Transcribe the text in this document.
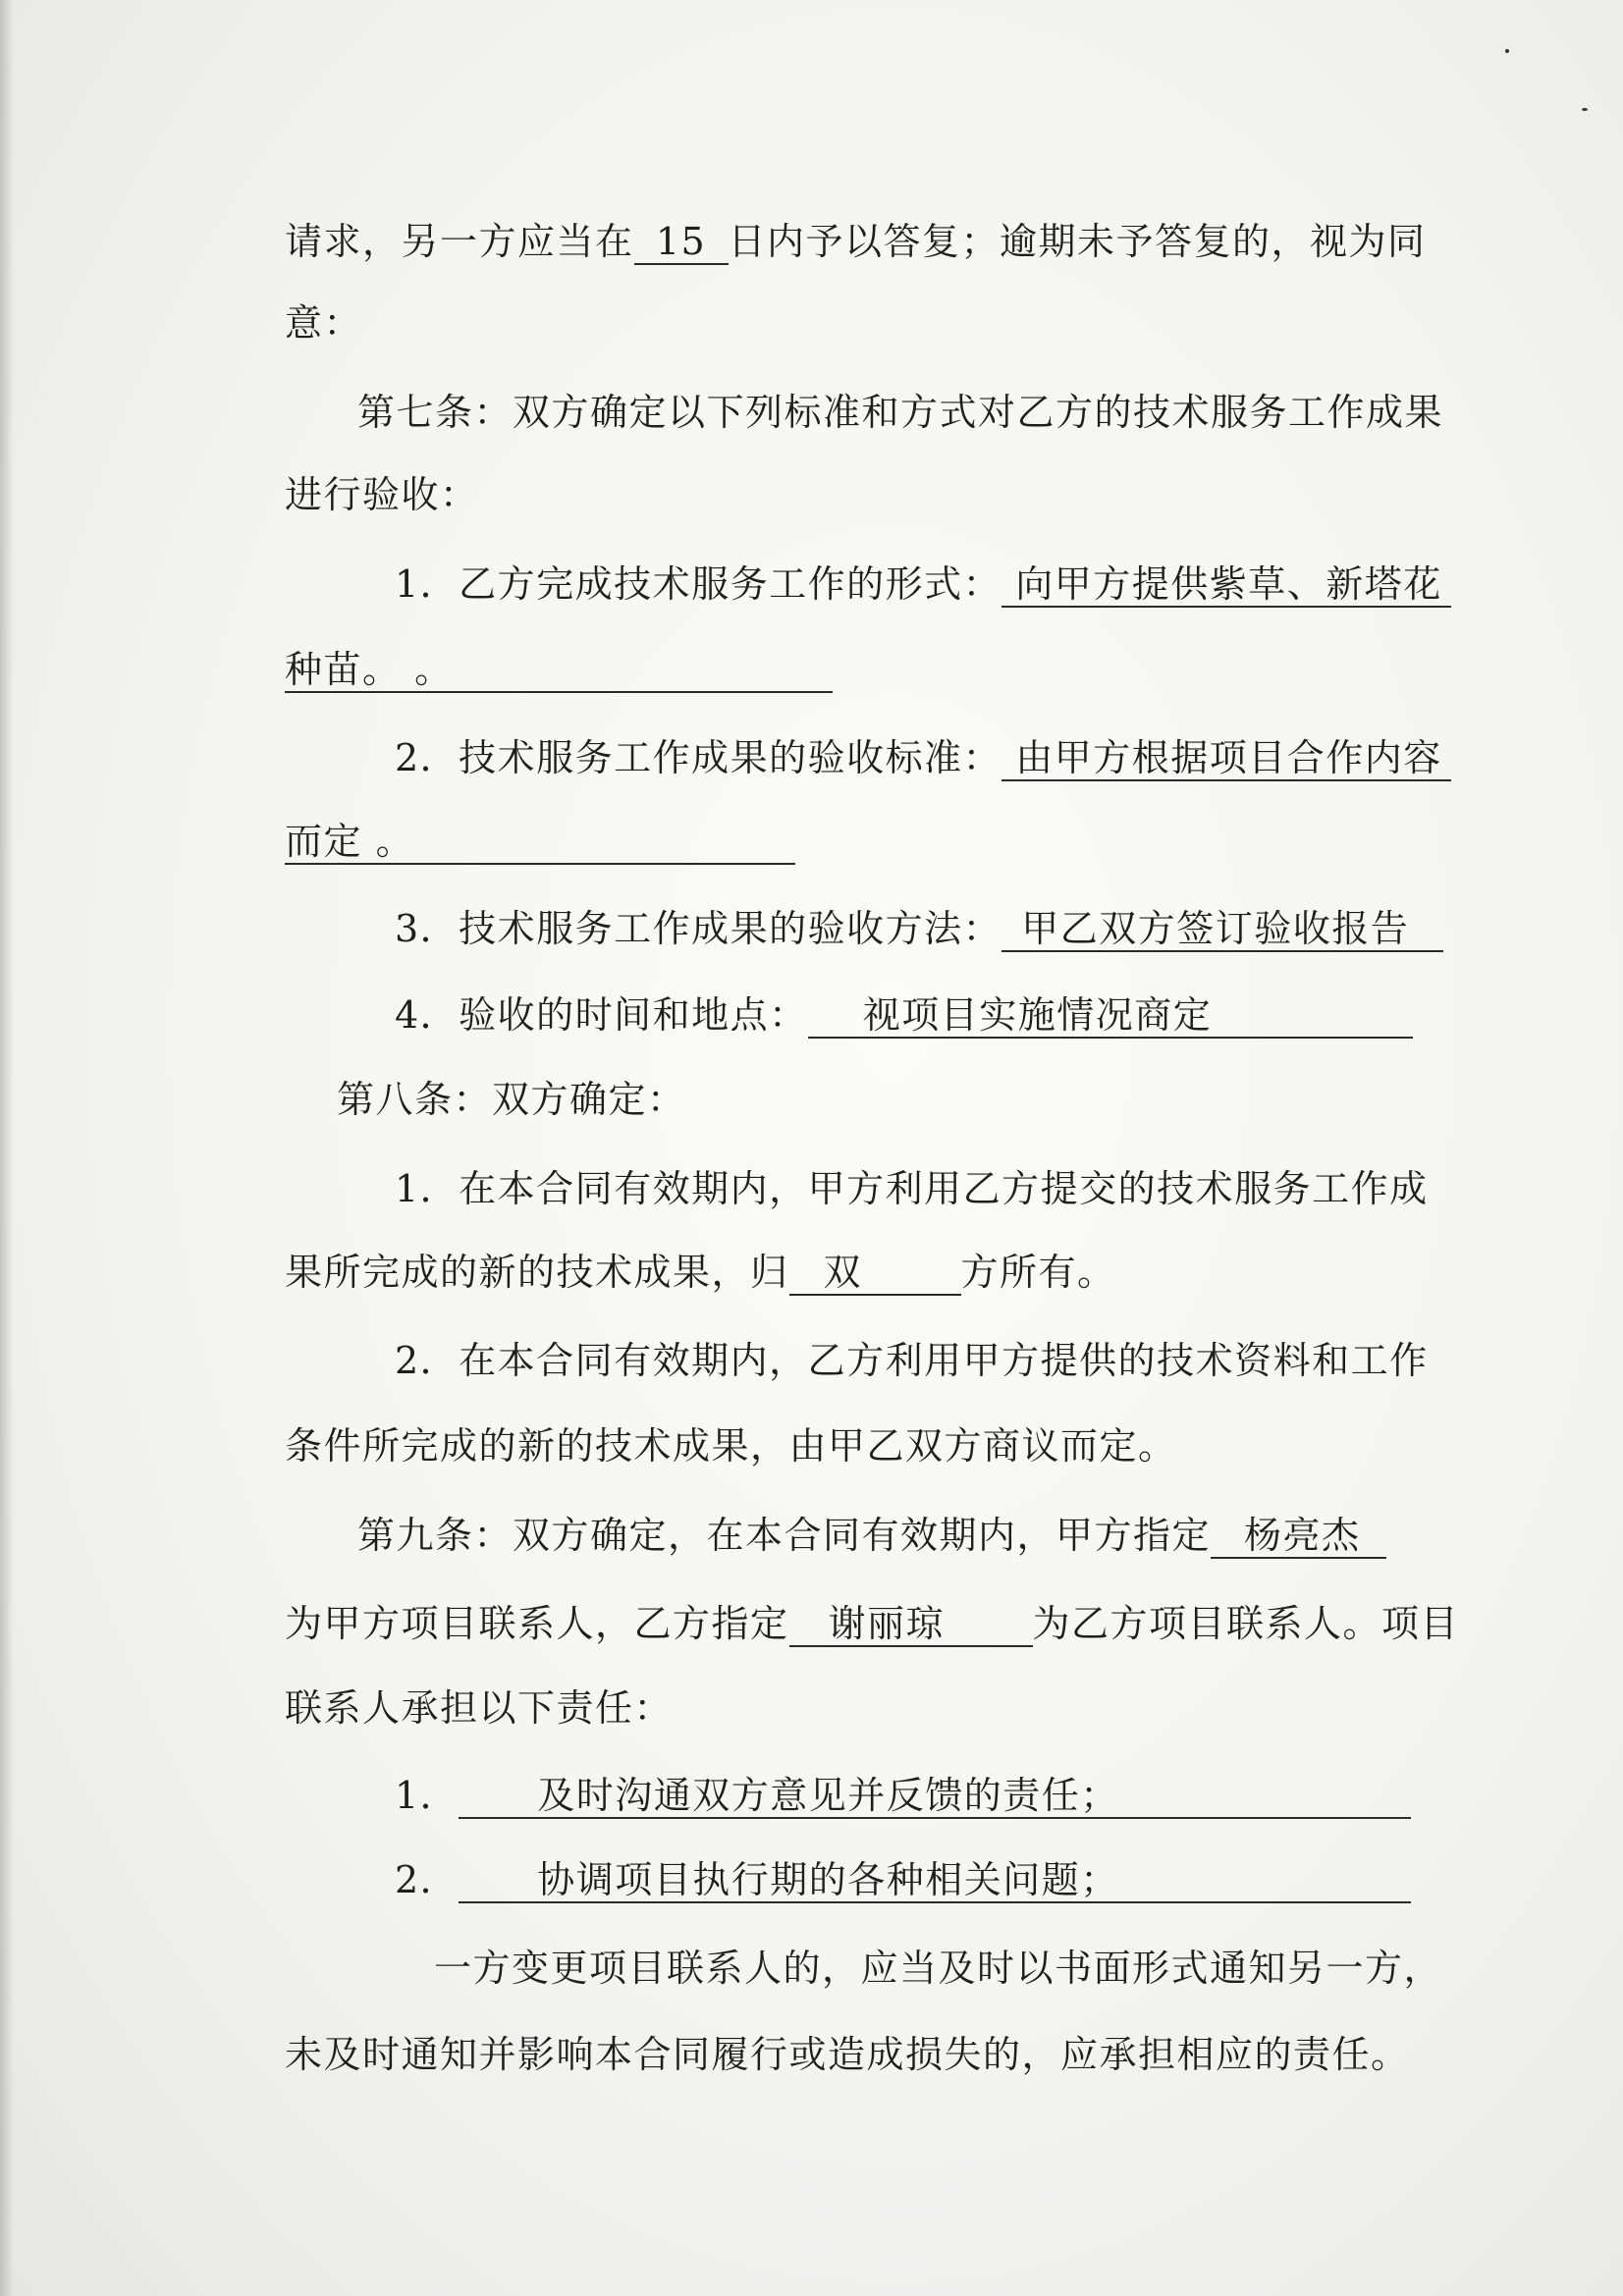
请求，另一方应当在 15 日内予以答复；逾期未予答复的，视为同
意：
第七条：双方确定以下列标准和方式对乙方的技术服务工作成果
进行验收：
1．乙方完成技术服务工作的形式： 向甲方提供紫草、新塔花
种苗。 。
2．技术服务工作成果的验收标准： 由甲方根据项目合作内容
而定 。
3．技术服务工作成果的验收方法： 甲乙双方签订验收报告
4．验收的时间和地点： 视项目实施情况商定
第八条：双方确定：
1．在本合同有效期内，甲方利用乙方提交的技术服务工作成
果所完成的新的技术成果，归 双	方所有。
2．在本合同有效期内，乙方利用甲方提供的技术资料和工作
条件所完成的新的技术成果，由甲乙双方商议而定。
第九条：双方确定，在本合同有效期内，甲方指定 杨亮杰
为甲方项目联系人，乙方指定 谢丽琼 为乙方项目联系人。项目
联系人承担以下责任：
1． 及时沟通双方意见并反馈的责任；
2． 协调项目执行期的各种相关问题；
一方变更项目联系人的，应当及时以书面形式通知另一方，
未及时通知并影响本合同履行或造成损失的，应承担相应的责任。
